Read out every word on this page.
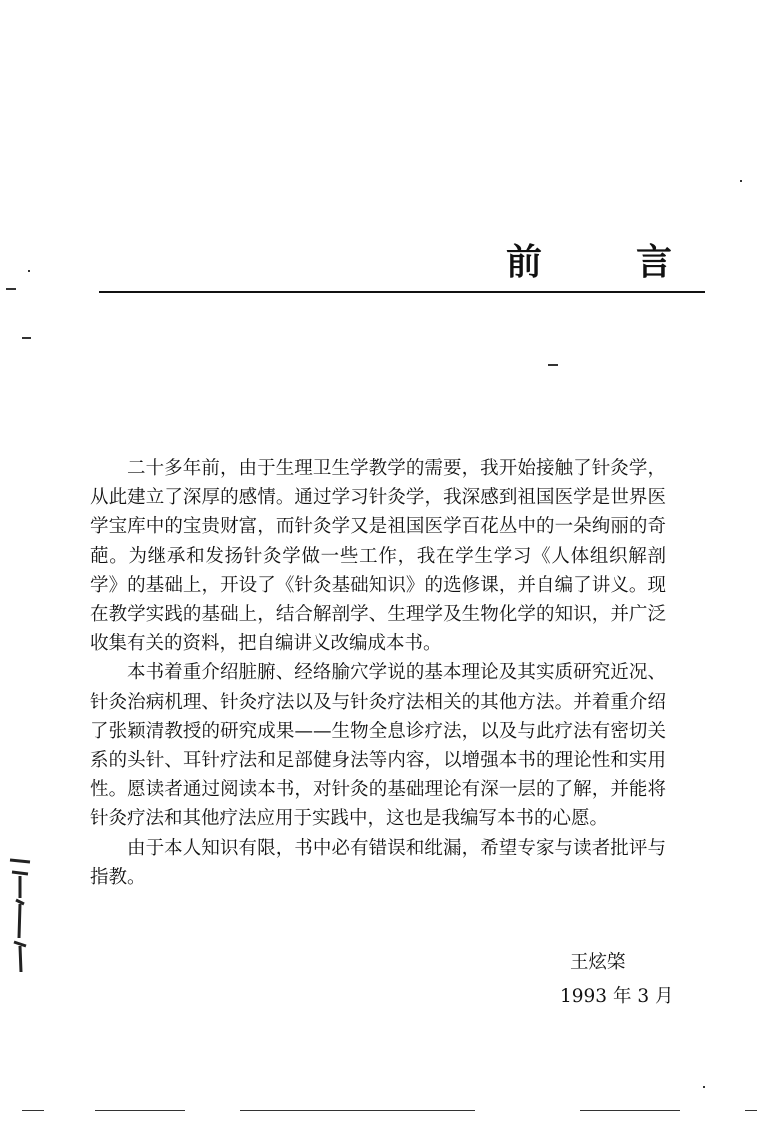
前	言

二十多年前，由于生理卫生学教学的需要，我开始接触了针灸学，从此建立了深厚的感情。通过学习针灸学，我深感到祖国医学是世界医学宝库中的宝贵财富，而针灸学又是祖国医学百花丛中的一朵绚丽的奇葩。为继承和发扬针灸学做一些工作，我在学生学习《人体组织解剖学》的基础上，开设了《针灸基础知识》的选修课，并自编了讲义。现在教学实践的基础上，结合解剖学、生理学及生物化学的知识，并广泛收集有关的资料，把自编讲义改编成本书。

本书着重介绍脏腑、经络腧穴学说的基本理论及其实质研究近况、针灸治病机理、针灸疗法以及与针灸疗法相关的其他方法。并着重介绍了张颖清教授的研究成果——生物全息诊疗法，以及与此疗法有密切关系的头针、耳针疗法和足部健身法等内容，以增强本书的理论性和实用性。愿读者通过阅读本书，对针灸的基础理论有深一层的了解，并能将针灸疗法和其他疗法应用于实践中，这也是我编写本书的心愿。

由于本人知识有限，书中必有错误和纰漏，希望专家与读者批评与指教。

王炫棨
1993 年 3 月
